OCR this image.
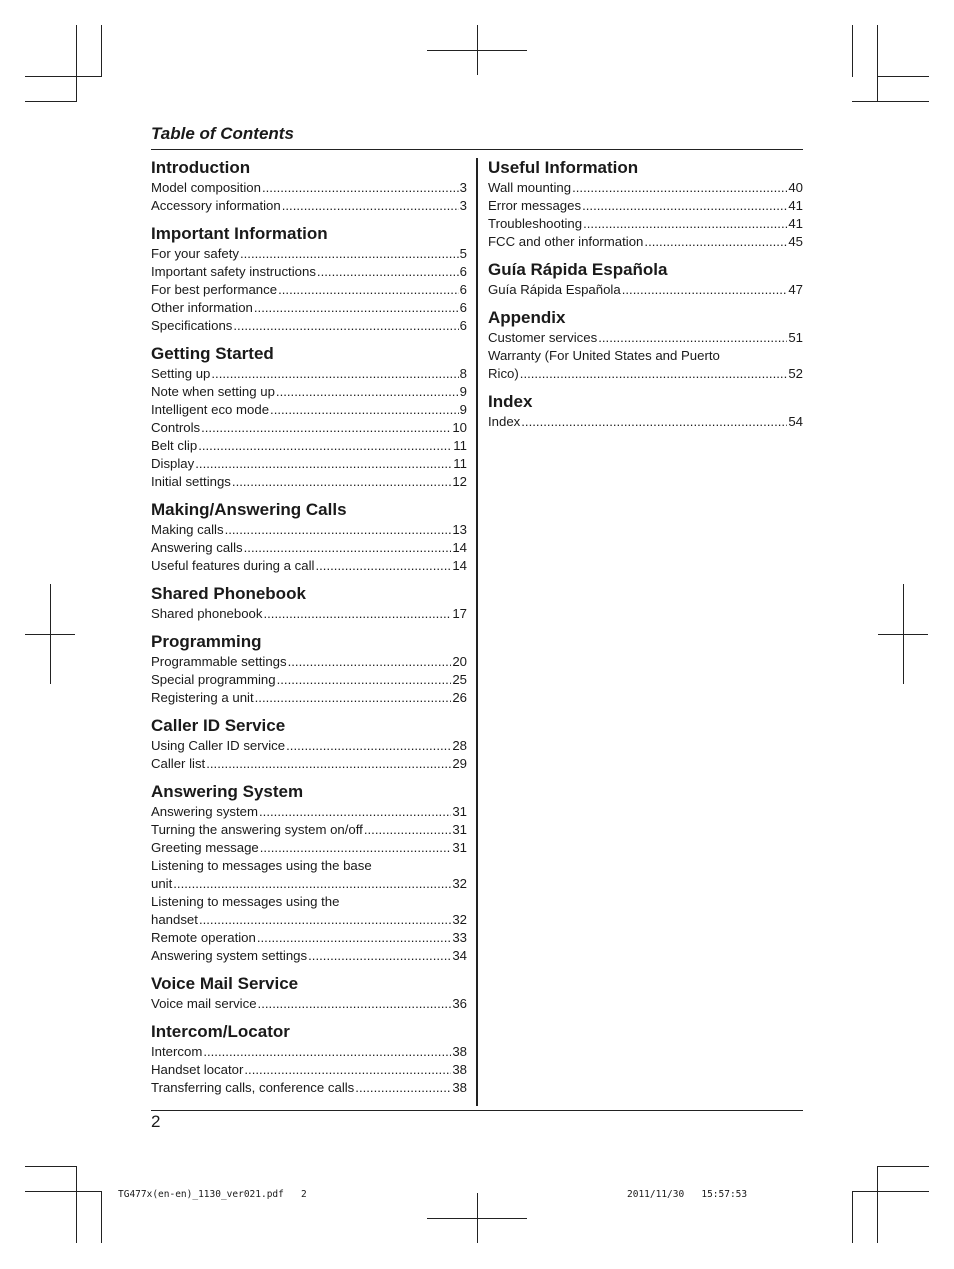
Table of Contents
Introduction
Model composition .....	3
Accessory information .....	3
Important Information
For your safety .....	5
Important safety instructions .....	6
For best performance .....	6
Other information .....	6
Specifications .....	6
Getting Started
Setting up .....	8
Note when setting up .....	9
Intelligent eco mode .....	9
Controls .....	10
Belt clip .....	11
Display .....	11
Initial settings .....	12
Making/Answering Calls
Making calls .....	13
Answering calls .....	14
Useful features during a call .....	14
Shared Phonebook
Shared phonebook .....	17
Programming
Programmable settings .....	20
Special programming .....	25
Registering a unit .....	26
Caller ID Service
Using Caller ID service .....	28
Caller list .....	29
Answering System
Answering system .....	31
Turning the answering system on/off .....	31
Greeting message .....	31
Listening to messages using the base
unit .....	32
Listening to messages using the
handset .....	32
Remote operation .....	33
Answering system settings .....	34
Voice Mail Service
Voice mail service .....	36
Intercom/Locator
Intercom .....	38
Handset locator .....	38
Transferring calls, conference calls .....	38
Useful Information
Wall mounting .....	40
Error messages .....	41
Troubleshooting .....	41
FCC and other information .....	45
Guía Rápida Española
Guía Rápida Española .....	47
Appendix
Customer services .....	51
Warranty (For United States and Puerto
Rico) .....	52
Index
Index .....	54
2
TG477x(en-en)_1130_ver021.pdf   2	2011/11/30   15:57:53
